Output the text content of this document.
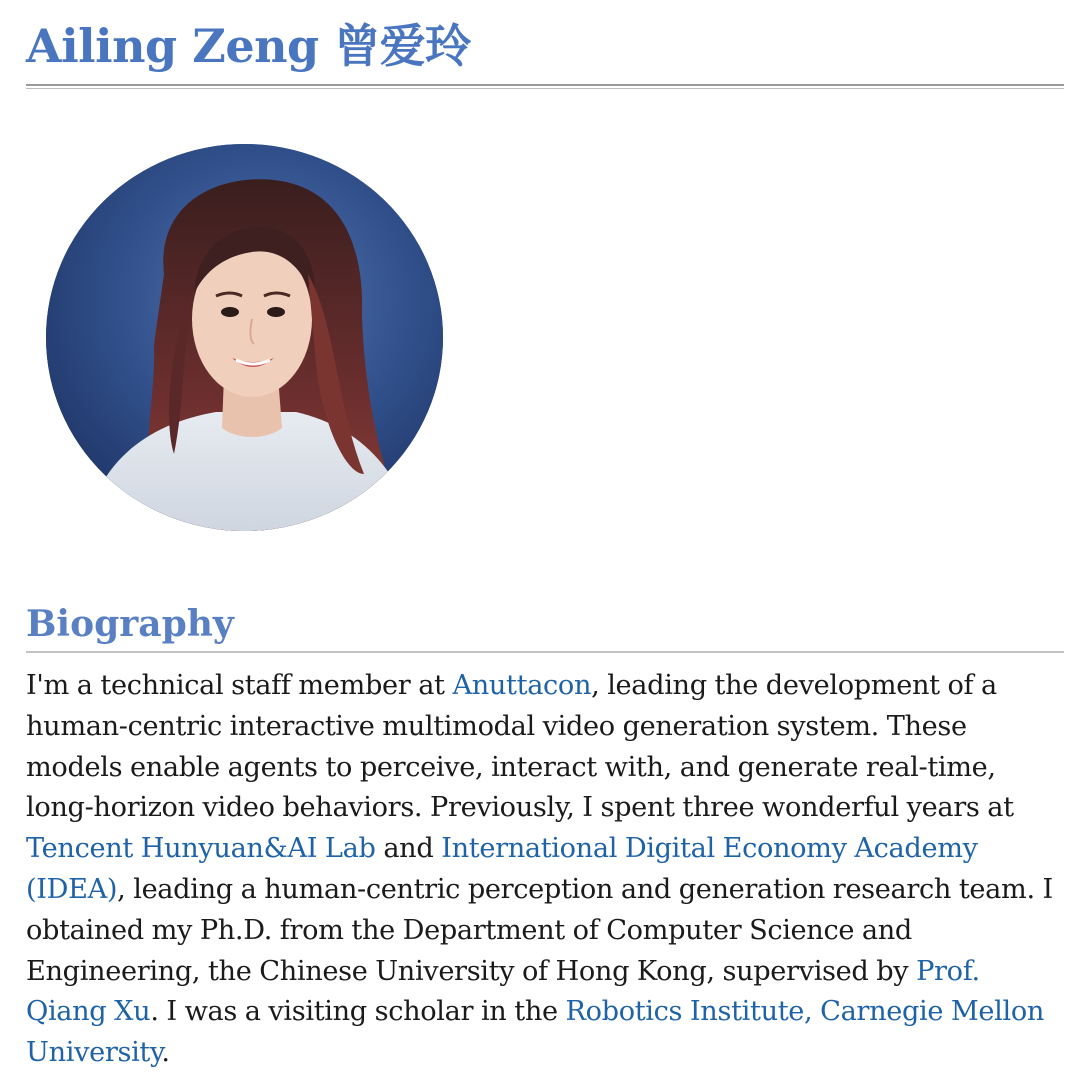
Ailing Zeng 曾爱玲
Biography

I'm a technical staff member at Anuttacon, leading the development of a human-centric interactive multimodal video generation system. These models enable agents to perceive, interact with, and generate real-time, long-horizon video behaviors. Previously, I spent three wonderful years at Tencent Hunyuan&AI Lab and International Digital Economy Academy (IDEA), leading a human-centric perception and generation research team. I obtained my Ph.D. from the Department of Computer Science and Engineering, the Chinese University of Hong Kong, supervised by Prof. Qiang Xu. I was a visiting scholar in the Robotics Institute, Carnegie Mellon University.
